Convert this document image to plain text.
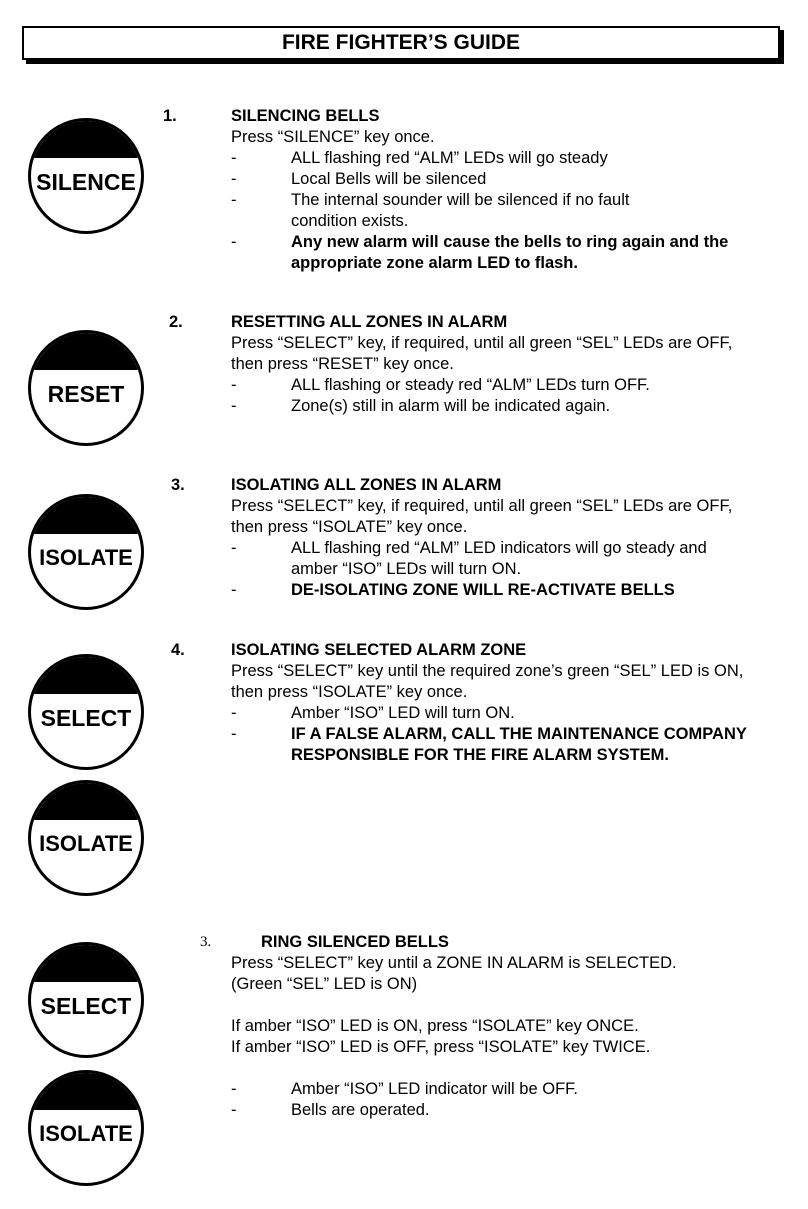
FIRE FIGHTER’S GUIDE
SILENCE
RESET
ISOLATE
SELECT
ISOLATE
SELECT
ISOLATE
1.	SILENCING BELLS

Press “SILENCE” key once.

-	ALL flashing red “ALM” LEDs will go steady
-	Local Bells will be silenced
-	The internal sounder will be silenced if no fault condition exists.
-	Any new alarm will cause the bells to ring again and the appropriate zone alarm LED to flash.
2.	RESETTING ALL ZONES IN ALARM

Press “SELECT” key, if required, until all green “SEL” LEDs are OFF, then press “RESET” key once.

-	ALL flashing or steady red “ALM” LEDs turn OFF.
-	Zone(s) still in alarm will be indicated again.
3.	ISOLATING ALL ZONES IN ALARM

Press “SELECT” key, if required, until all green “SEL” LEDs are OFF, then press “ISOLATE” key once.

-	ALL flashing red “ALM” LED indicators will go steady and amber “ISO” LEDs will turn ON.
-	DE-ISOLATING ZONE WILL RE-ACTIVATE BELLS
4.	ISOLATING SELECTED ALARM ZONE

Press “SELECT” key until the required zone’s green “SEL” LED is ON, then press “ISOLATE” key once.

-	Amber “ISO” LED will turn ON.
-	IF A FALSE ALARM, CALL THE MAINTENANCE COMPANY RESPONSIBLE FOR THE FIRE ALARM SYSTEM.
3.	RING SILENCED BELLS

Press “SELECT” key until a ZONE IN ALARM is SELECTED.

(Green “SEL” LED is ON)

If amber “ISO” LED is ON, press “ISOLATE” key ONCE.

If amber “ISO” LED is OFF, press “ISOLATE” key TWICE.

-	Amber “ISO” LED indicator will be OFF.
-	Bells are operated.
